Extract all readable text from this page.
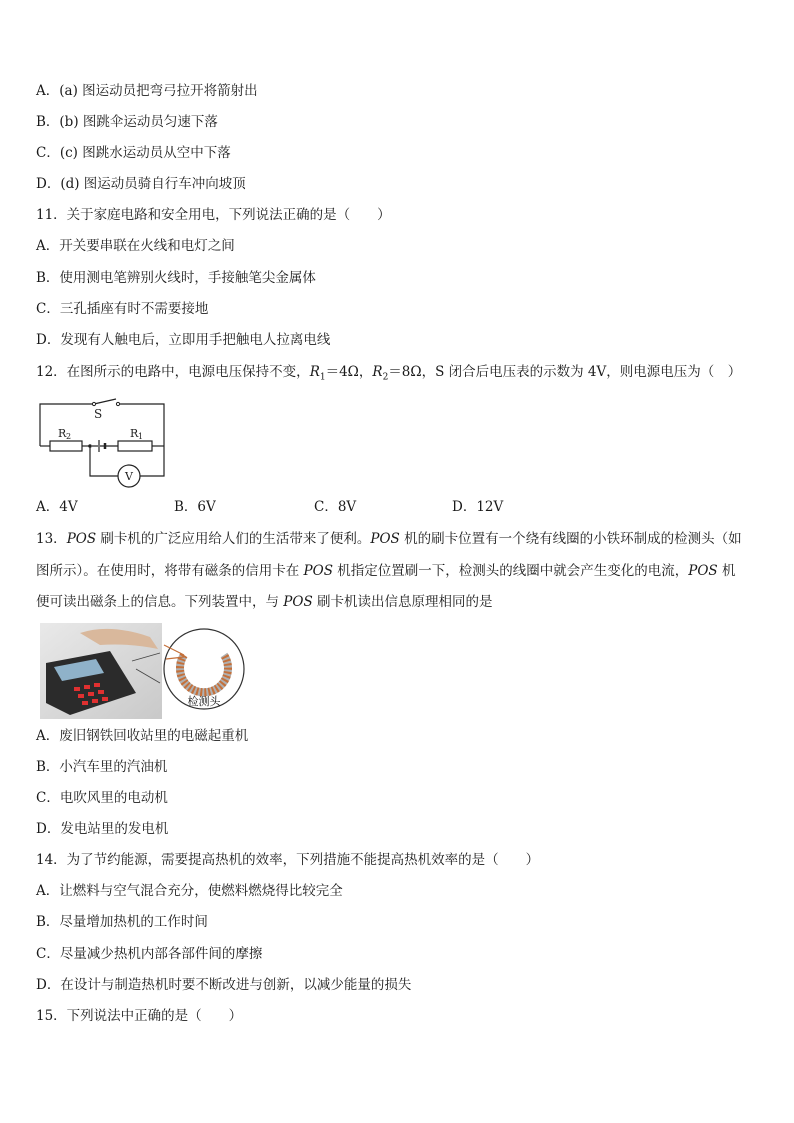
A．(a) 图运动员把弯弓拉开将箭射出
B．(b) 图跳伞运动员匀速下落
C．(c) 图跳水运动员从空中下落
D．(d) 图运动员骑自行车冲向坡顶
11．关于家庭电路和安全用电，下列说法正确的是（　　）
A．开关要串联在火线和电灯之间
B．使用测电笔辨别火线时，手接触笔尖金属体
C．三孔插座有时不需要接地
D．发现有人触电后，立即用手把触电人拉离电线
12．在图所示的电路中，电源电压保持不变，$R_1=4\Omega$，$R_2=8\Omega$，S 闭合后电压表的示数为 4V，则电源电压为（　）
S
R 2	R 1
V
A．4V	B．6V	C．8V	D．12V
13．POS 刷卡机的广泛应用给人们的生活带来了便利。POS 机的刷卡位置有一个绕有线圈的小铁环制成的检测头（如
图所示）。在使用时，将带有磁条的信用卡在 POS 机指定位置刷一下，检测头的线圈中就会产生变化的电流，POS 机
便可读出磁条上的信息。下列装置中，与 POS 刷卡机读出信息原理相同的是
检测头
A．废旧钢铁回收站里的电磁起重机
B．小汽车里的汽油机
C．电吹风里的电动机
D．发电站里的发电机
14．为了节约能源，需要提高热机的效率，下列措施不能提高热机效率的是（　　）
A．让燃料与空气混合充分，使燃料燃烧得比较完全
B．尽量增加热机的工作时间
C．尽量减少热机内部各部件间的摩擦
D．在设计与制造热机时要不断改进与创新，以减少能量的损失
15．下列说法中正确的是（　　）
